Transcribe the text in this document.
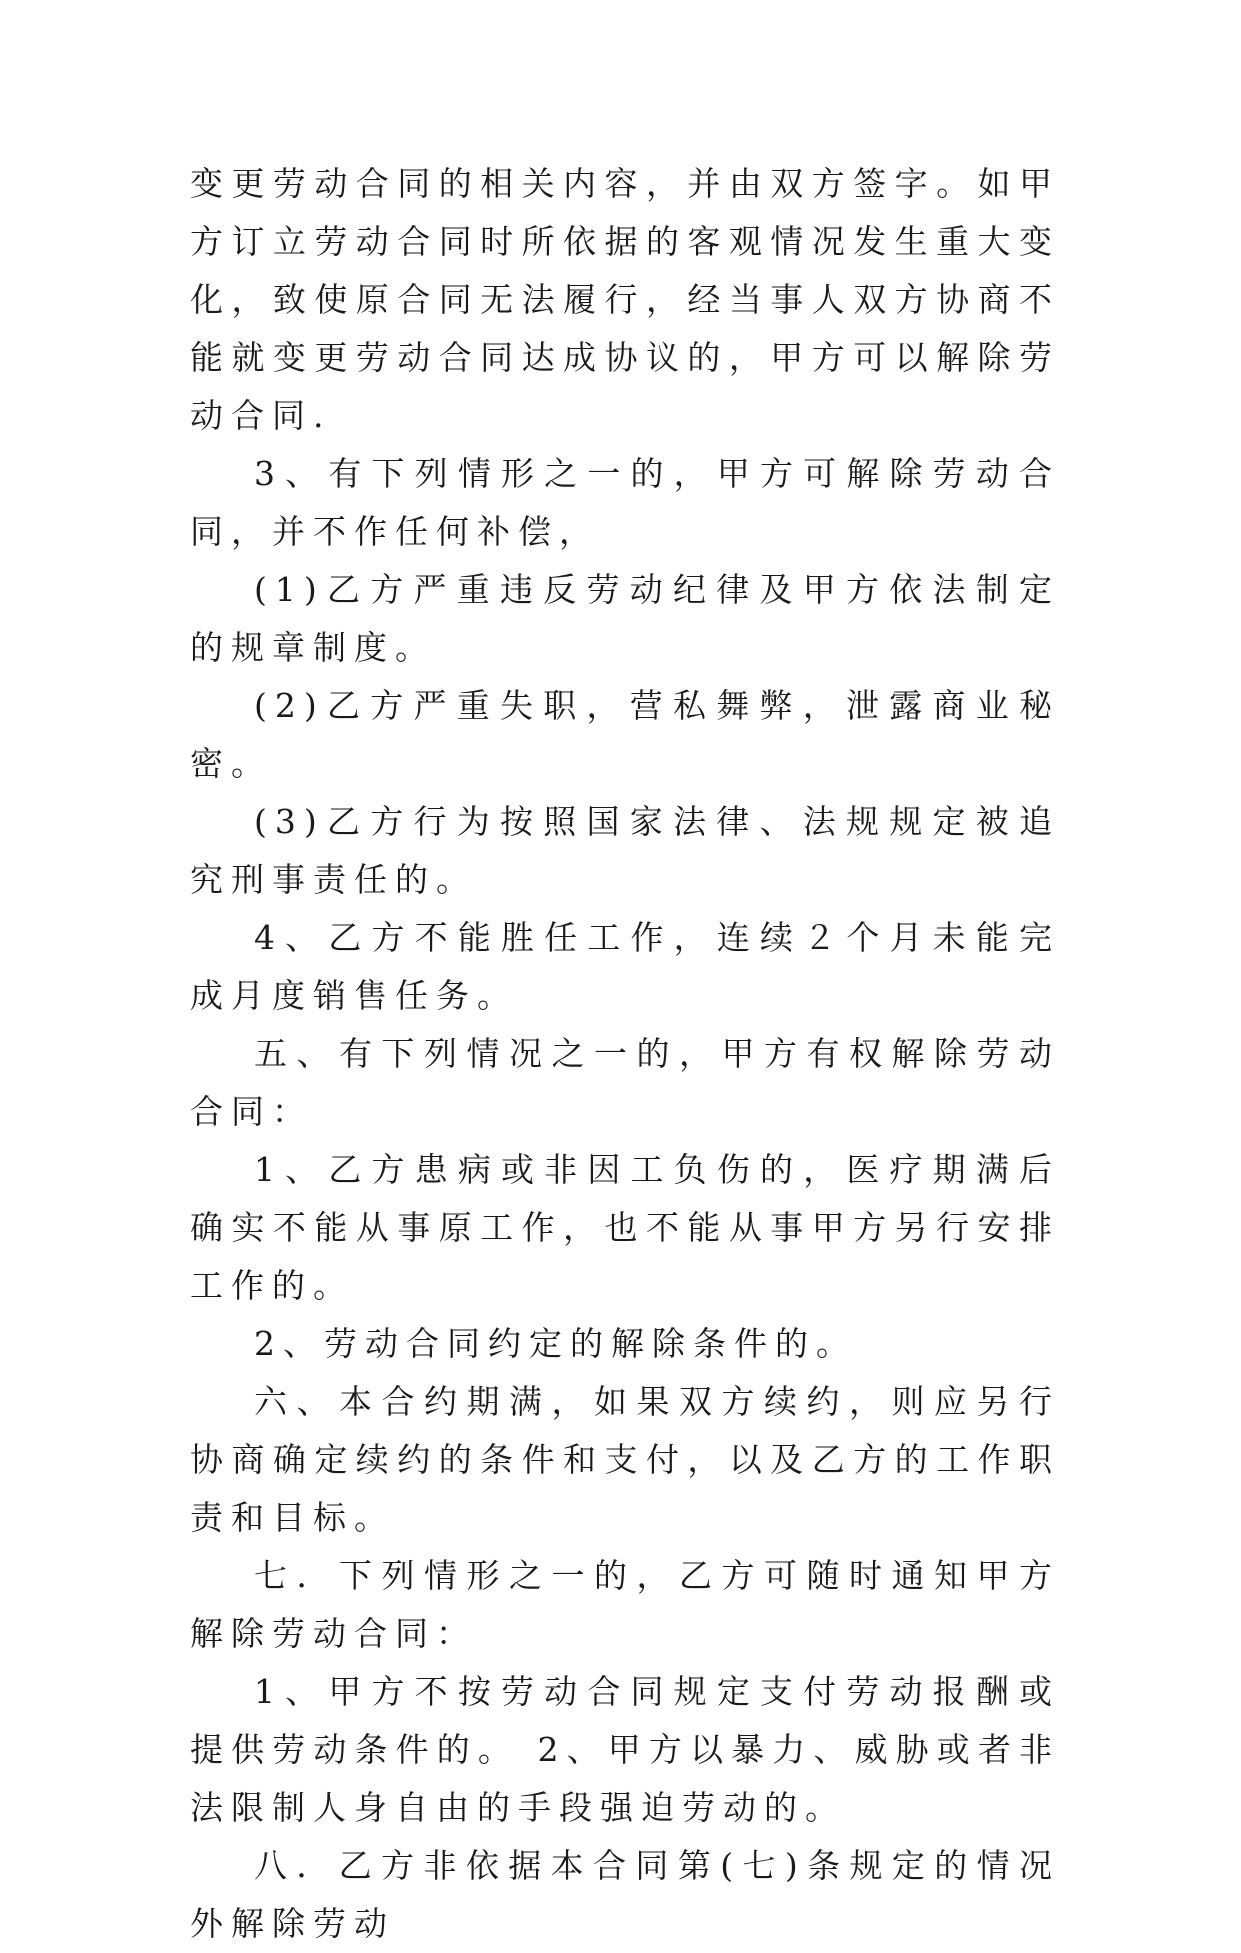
变更劳动合同的相关内容，并由双方签字。如甲方订立劳动合同时所依据的客观情况发生重大变化，致使原合同无法履行，经当事人双方协商不能就变更劳动合同达成协议的，甲方可以解除劳动合同.

3、有下列情形之一的，甲方可解除劳动合同，并不作任何补偿，

(1)乙方严重违反劳动纪律及甲方依法制定的规章制度。

(2)乙方严重失职，营私舞弊，泄露商业秘密。

(3)乙方行为按照国家法律、法规规定被追究刑事责任的。

4、乙方不能胜任工作，连续２个月未能完成月度销售任务。

五、有下列情况之一的，甲方有权解除劳动合同：

1、乙方患病或非因工负伤的，医疗期满后确实不能从事原工作，也不能从事甲方另行安排工作的。

2、劳动合同约定的解除条件的。

六、本合约期满，如果双方续约，则应另行协商确定续约的条件和支付，以及乙方的工作职责和目标。

七．下列情形之一的，乙方可随时通知甲方解除劳动合同：

1、甲方不按劳动合同规定支付劳动报酬或提供劳动条件的。 2、甲方以暴力、威胁或者非法限制人身自由的手段强迫劳动的。

八．乙方非依据本合同第(七)条规定的情况外解除劳动
